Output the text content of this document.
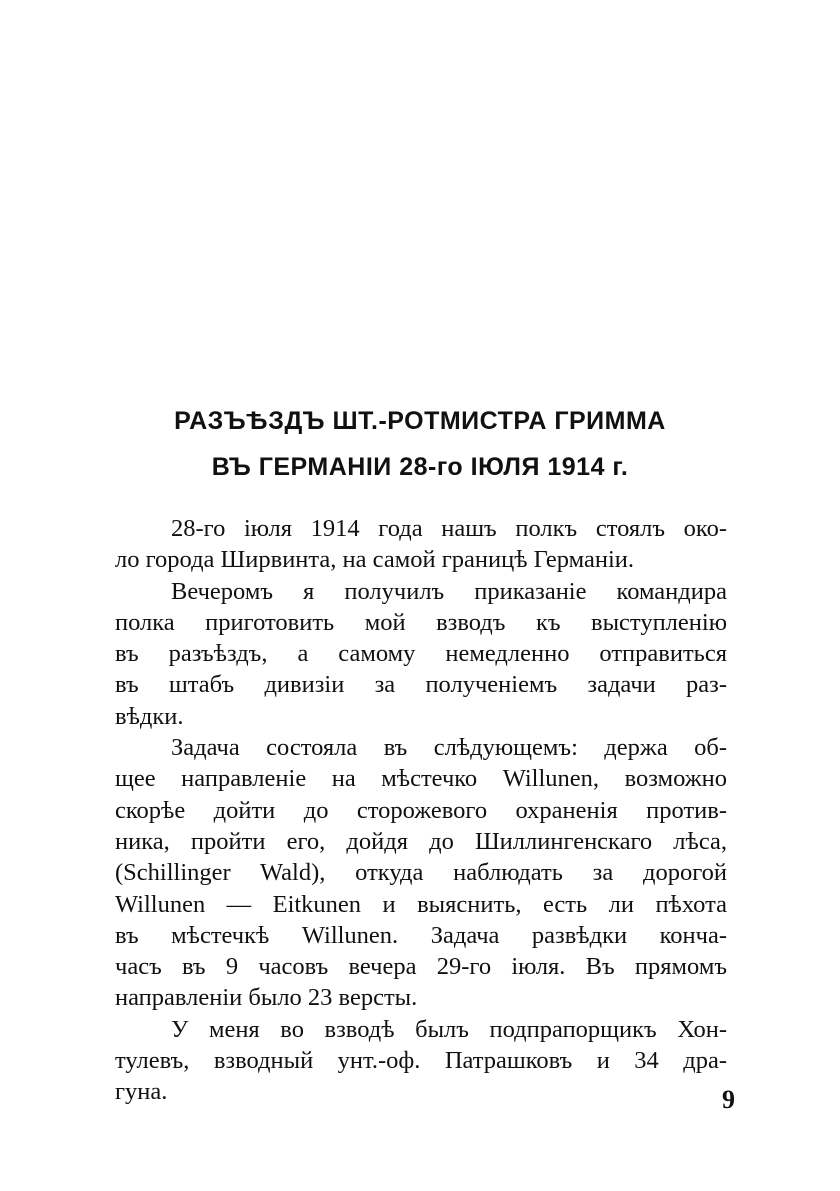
РАЗЪѢЗДЪ ШТ.-РОТМИСТРА ГРИММА
ВЪ ГЕРМАНІИ 28-го ІЮЛЯ 1914 г.
28-го іюля 1914 года нашъ полкъ стоялъ око-
ло города Ширвинта, на самой границѣ Германіи.
Вечеромъ я получилъ приказаніе командира
полка приготовить мой взводъ къ выступленію
въ разъѣздъ, а самому немедленно отправиться
въ штабъ дивизіи за полученіемъ задачи раз-
вѣдки.
Задача состояла въ слѣдующемъ: держа об-
щее направленіе на мѣстечко Willunen, возможно
скорѣе дойти до сторожевого охраненія против-
ника, пройти его, дойдя до Шиллингенскаго лѣса,
(Schillinger Wald), откуда наблюдать за дорогой
Willunen — Eitkunen и выяснить, есть ли пѣхота
въ мѣстечкѣ Willunen. Задача развѣдки конча-
часъ въ 9 часовъ вечера 29-го іюля. Въ прямомъ
направленіи было 23 версты.
У меня во взводѣ былъ подпрапорщикъ Хон-
тулевъ, взводный унт.-оф. Патрашковъ и 34 дра-
гуна.	9
